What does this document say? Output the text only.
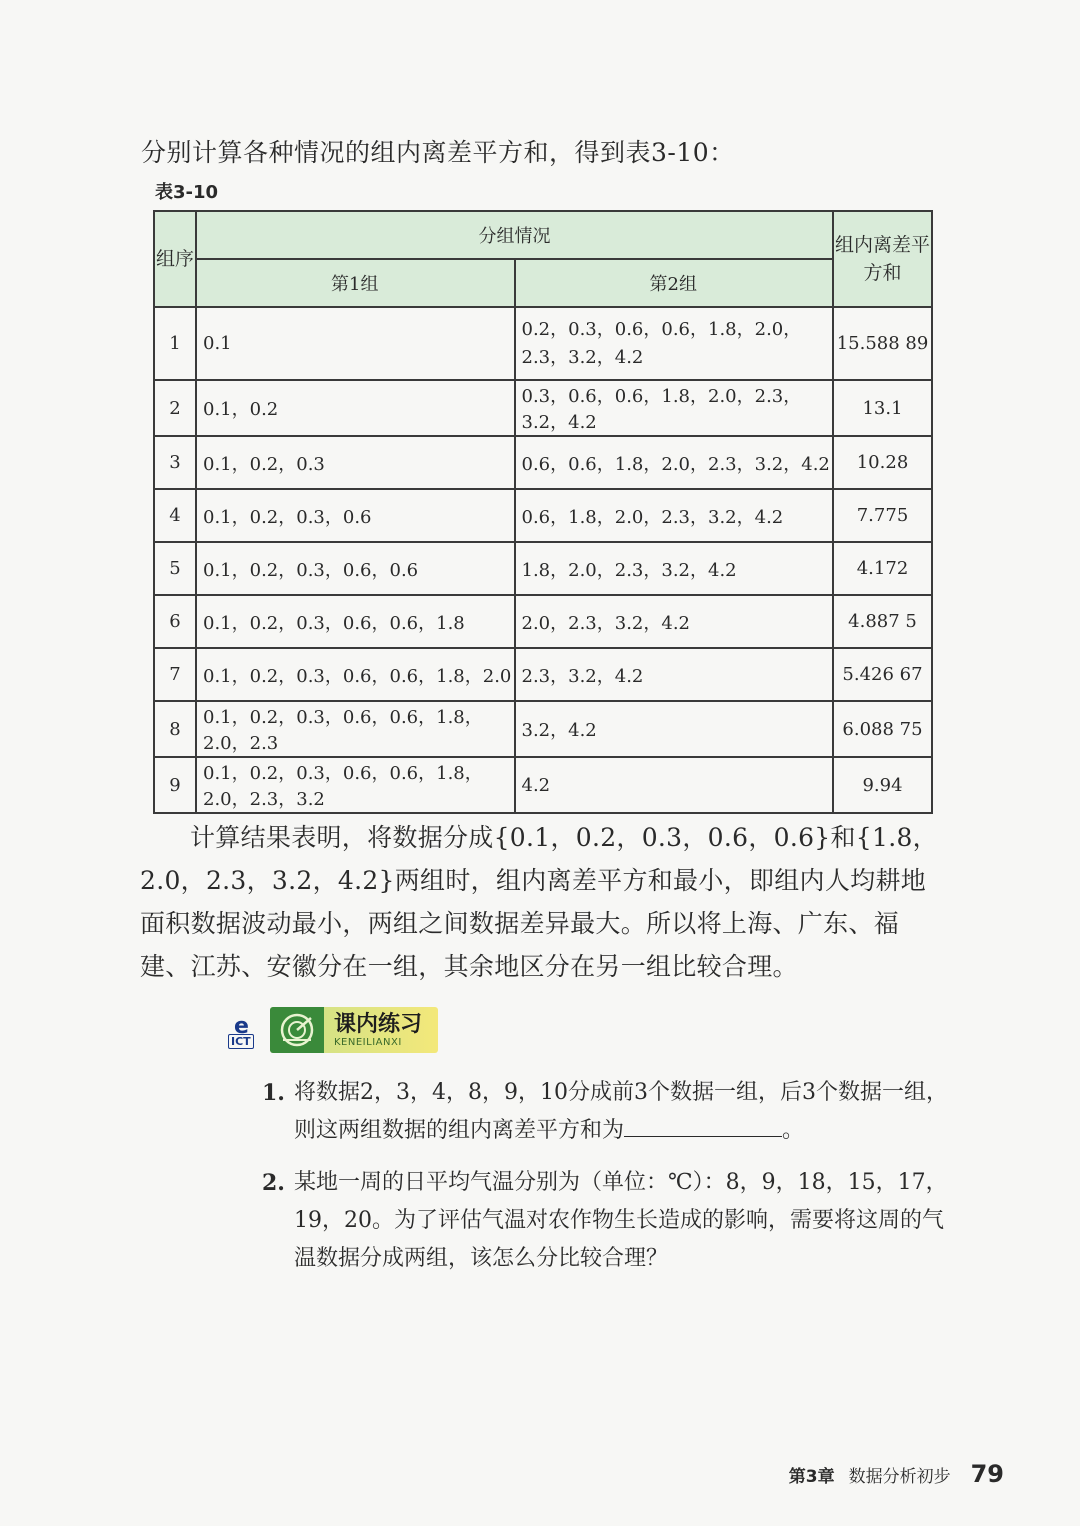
分别计算各种情况的组内离差平方和，得到表3-10：
表3-10
组序	分组情况		组内离差平方和
	第1组	第2组	
1	0.1	0.2，0.3，0.6，0.6，1.8，2.0，2.3，3.2，4.2	15.588 89
2	0.1，0.2	0.3，0.6，0.6，1.8，2.0，2.3，3.2，4.2	13.1
3	0.1，0.2，0.3	0.6，0.6，1.8，2.0，2.3，3.2，4.2	10.28
4	0.1，0.2，0.3，0.6	0.6，1.8，2.0，2.3，3.2，4.2	7.775
5	0.1，0.2，0.3，0.6，0.6	1.8，2.0，2.3，3.2，4.2	4.172
6	0.1，0.2，0.3，0.6，0.6，1.8	2.0，2.3，3.2，4.2	4.887 5
7	0.1，0.2，0.3，0.6，0.6，1.8，2.0	2.3，3.2，4.2	5.426 67
8	0.1，0.2，0.3，0.6，0.6，1.8，2.0，2.3	3.2，4.2	6.088 75
9	0.1，0.2，0.3，0.6，0.6，1.8，2.0，2.3，3.2	4.2	9.94
计算结果表明，将数据分成{0.1，0.2，0.3，0.6，0.6}和{1.8，2.0，2.3，3.2，4.2}两组时，组内离差平方和最小，即组内人均耕地面积数据波动最小，两组之间数据差异最大。所以将上海、广东、福建、江苏、安徽分在一组，其余地区分在另一组比较合理。
e
ICT
课内练习
KENEILIANXI
1. 将数据2，3，4，8，9，10分成前3个数据一组，后3个数据一组，则这两组数据的组内离差平方和为	。
2. 某地一周的日平均气温分别为（单位：℃）：8，9，18，15，17，19，20。为了评估气温对农作物生长造成的影响，需要将这周的气温数据分成两组，该怎么分比较合理？
第3章 数据分析初步 79
